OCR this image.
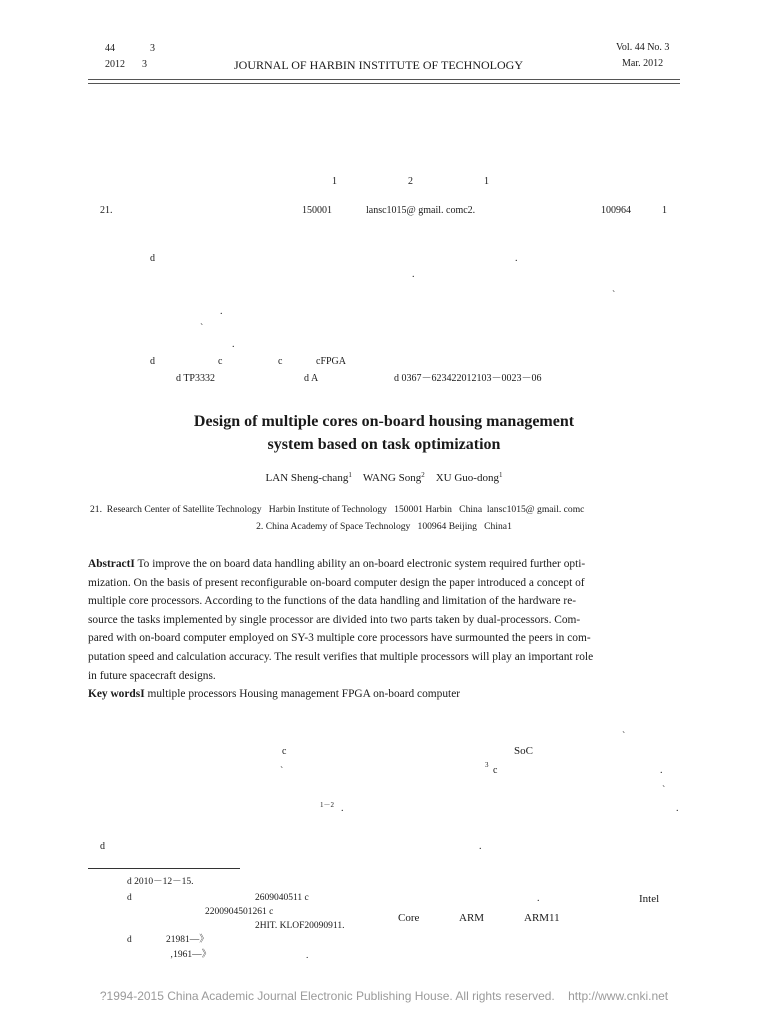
44	3
2012 3	JOURNAL OF HARBIN INSTITUTE OF TECHNOLOGY
Vol. 44 No. 3
Mar. 2012
1	2	1
21.	150001	lansc1015@ gmail. comc2.	100964	1
d	.
.
`
.
`
.
d	c	c	cFPGA
d TP3332	d A	d 0367－623422012103－0023－06
Design of multiple cores on-board housing management
system based on task optimization
LAN Sheng-chang$^1$ WANG Song$^2$ XU Guo-dong$^1$
21.  Research Center of Satellite Technology   Harbin Institute of Technology   150001 Harbin   China  lansc1015@ gmail. comc
2. China Academy of Space Technology   100964 Beijing   China1
AbstractI To improve the on board data handling ability an on-board electronic system required further opti-
mization. On the basis of present reconfigurable on-board computer design the paper introduced a concept of
multiple core processors. According to the functions of the data handling and limitation of the hardware re-
source the tasks implemented by single processor are divided into two parts taken by dual-processors. Com-
pared with on-board computer employed on SY-3 multiple core processors have surmounted the peers in com-
putation speed and calculation accuracy. The result verifies that multiple processors will play an important role
in future spacecraft designs.
Key wordsI multiple processors Housing management FPGA on-board computer
`
c	SoC
`
3 c	.
`
1－2 .	.
d	.
d 2010－12－15.
d	2609040511 c
2200904501261 c
2HIT. KLOF20090911.
d	21981—》
‚1961—》	.
.	Intel
Core	ARM	ARM11
?1994-2015 China Academic Journal Electronic Publishing House. All rights reserved.    http://www.cnki.net
